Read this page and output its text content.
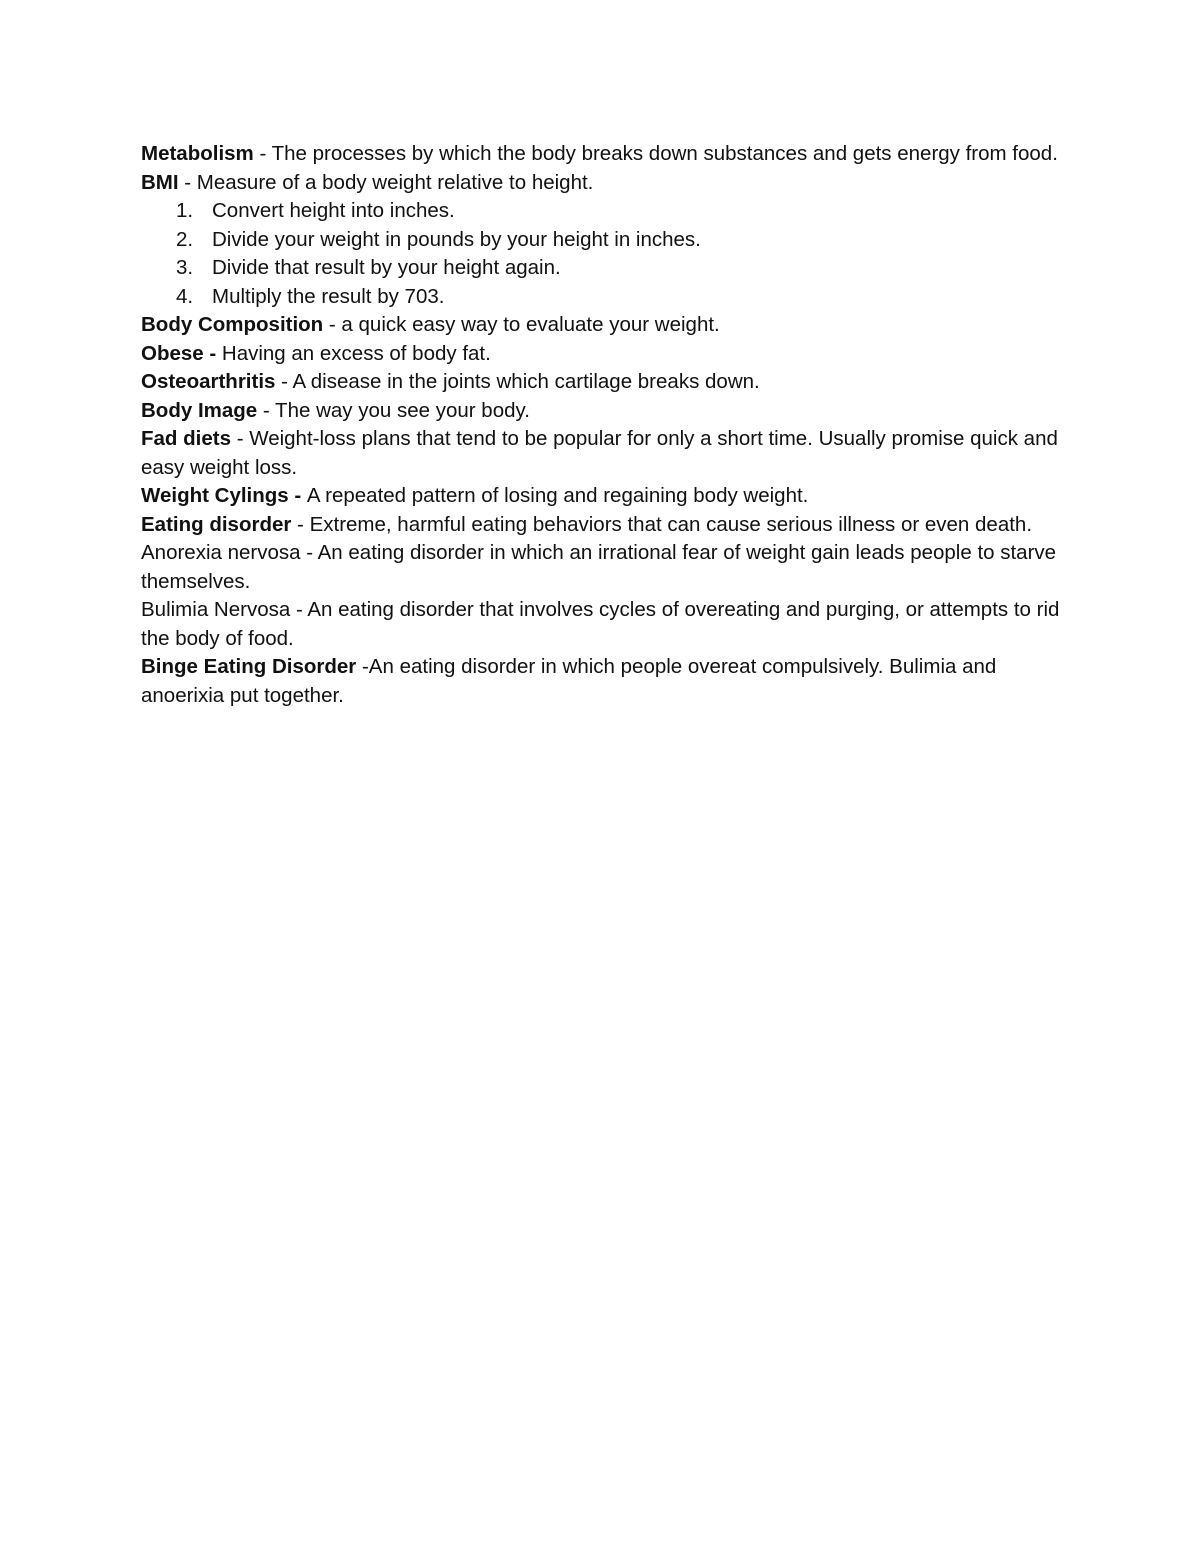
Metabolism - The processes by which the body breaks down substances and gets energy from food.

BMI - Measure of a body weight relative to height.

1. Convert height into inches.
2. Divide your weight in pounds by your height in inches.
3. Divide that result by your height again.
4. Multiply the result by 703.

Body Composition - a quick easy way to evaluate your weight.

Obese - Having an excess of body fat.

Osteoarthritis - A disease in the joints which cartilage breaks down.

Body Image - The way you see your body.

Fad diets - Weight-loss plans that tend to be popular for only a short time. Usually promise quick and easy weight loss.

Weight Cylings - A repeated pattern of losing and regaining body weight.

Eating disorder - Extreme, harmful eating behaviors that can cause serious illness or even death.

Anorexia nervosa - An eating disorder in which an irrational fear of weight gain leads people to starve themselves.

Bulimia Nervosa - An eating disorder that involves cycles of overeating and purging, or attempts to rid the body of food.

Binge Eating Disorder -An eating disorder in which people overeat compulsively. Bulimia and anoerixia put together.
